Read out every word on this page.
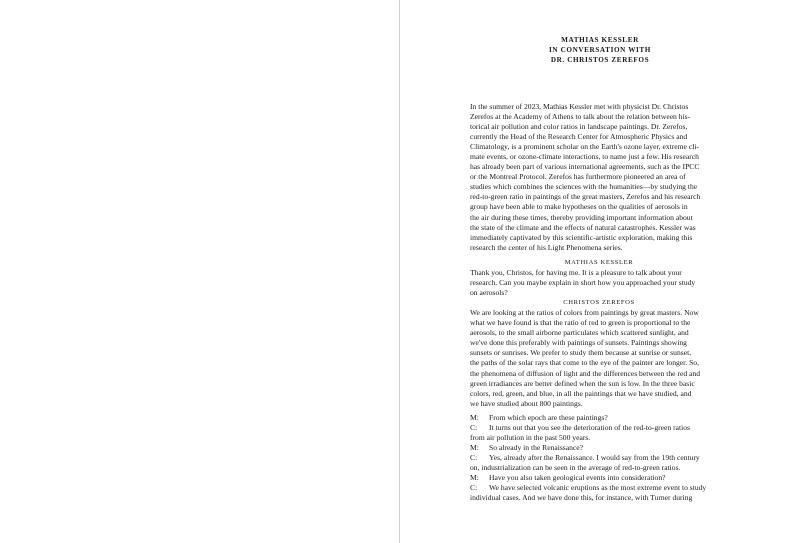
MATHIAS KESSLER
IN CONVERSATION WITH
DR. CHRISTOS ZEREFOS
In the summer of 2023, Mathias Kessler met with physicist Dr. Christos
Zerefos at the Academy of Athens to talk about the relation between his-
torical air pollution and color ratios in landscape paintings. Dr. Zerefos,
currently the Head of the Research Center for Atmospheric Physics and
Climatology, is a prominent scholar on the Earth's ozone layer, extreme cli-
mate events, or ozone-climate interactions, to name just a few. His research
has already been part of various international agreements, such as the IPCC
or the Montreal Protocol. Zerefos has furthermore pioneered an area of
studies which combines the sciences with the humanities—by studying the
red-to-green ratio in paintings of the great masters, Zerefos and his research
group have been able to make hypotheses on the qualities of aerosols in
the air during these times, thereby providing important information about
the state of the climate and the effects of natural catastrophes. Kessler was
immediately captivated by this scientific-artistic exploration, making this
research the center of his Light Phenomena series.
MATHIAS KESSLER
Thank you, Christos, for having me. It is a pleasure to talk about your
research. Can you maybe explain in short how you approached your study
on aerosols?
CHRISTOS ZEREFOS
We are looking at the ratios of colors from paintings by great masters. Now
what we have found is that the ratio of red to green is proportional to the
aerosols, to the small airborne particulates which scattered sunlight, and
we've done this preferably with paintings of sunsets. Paintings showing
sunsets or sunrises. We prefer to study them because at sunrise or sunset,
the paths of the solar rays that come to the eye of the painter are longer. So,
the phenomena of diffusion of light and the differences between the red and
green irradiances are better defined when the sun is low. In the three basic
colors, red, green, and blue, in all the paintings that we have studied, and
we have studied about 800 paintings.
M:	From which epoch are these paintings?
C:	It turns out that you see the deterioration of the red-to-green ratios
from air pollution in the past 500 years.
M:	So already in the Renaissance?
C:	Yes, already after the Renaissance. I would say from the 19th century
on, industrialization can be seen in the average of red-to-green ratios.
M:	Have you also taken geological events into consideration?
C:	We have selected volcanic eruptions as the most extreme event to study
individual cases. And we have done this, for instance, with Turner during
